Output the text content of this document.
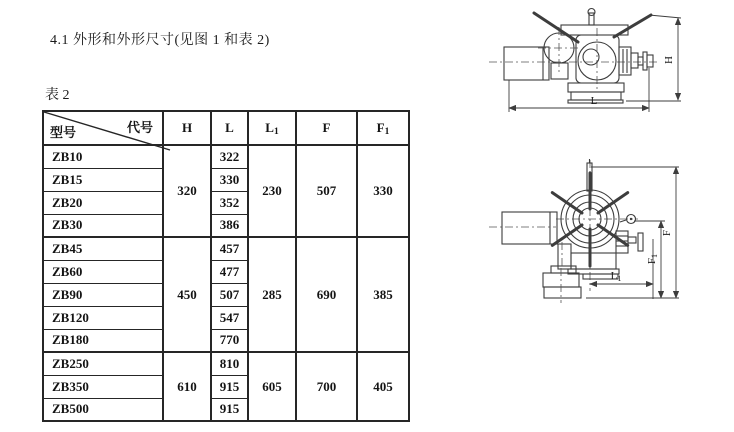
4.1 外形和外形尺寸(见图 1 和表 2)
表 2
型号 代号	H	L	$L_1$	F	$F_1$
ZB10	320	322	230	507	330
ZB15		330			
ZB20		352			
ZB30		386			
ZB45	450	457	285	690	385
ZB60		477			
ZB90		507			
ZB120		547			
ZB180		770			
ZB250	610	810	605	700	405
ZB350		915			
ZB500		915			
H
L
L1
F1
F
